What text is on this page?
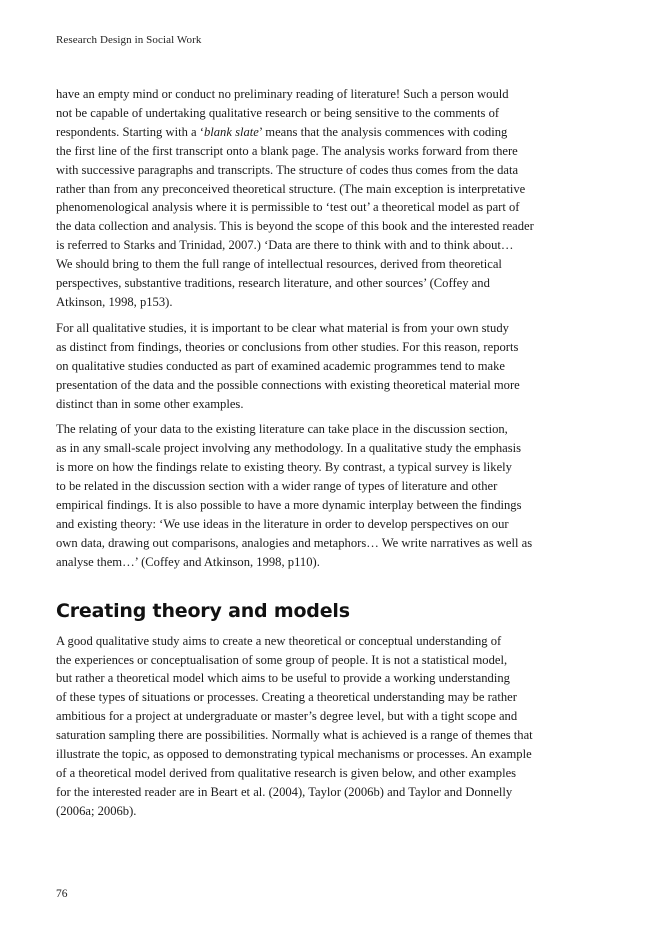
Research Design in Social Work

have an empty mind or conduct no preliminary reading of literature! Such a person would
not be capable of undertaking qualitative research or being sensitive to the comments of
respondents. Starting with a ‘blank slate’ means that the analysis commences with coding
the first line of the first transcript onto a blank page. The analysis works forward from there
with successive paragraphs and transcripts. The structure of codes thus comes from the data
rather than from any preconceived theoretical structure. (The main exception is interpretative
phenomenological analysis where it is permissible to ‘test out’ a theoretical model as part of
the data collection and analysis. This is beyond the scope of this book and the interested reader
is referred to Starks and Trinidad, 2007.) ‘Data are there to think with and to think about…
We should bring to them the full range of intellectual resources, derived from theoretical
perspectives, substantive traditions, research literature, and other sources’ (Coffey and
Atkinson, 1998, p153).

For all qualitative studies, it is important to be clear what material is from your own study
as distinct from findings, theories or conclusions from other studies. For this reason, reports
on qualitative studies conducted as part of examined academic programmes tend to make
presentation of the data and the possible connections with existing theoretical material more
distinct than in some other examples.

The relating of your data to the existing literature can take place in the discussion section,
as in any small-scale project involving any methodology. In a qualitative study the emphasis
is more on how the findings relate to existing theory. By contrast, a typical survey is likely
to be related in the discussion section with a wider range of types of literature and other
empirical findings. It is also possible to have a more dynamic interplay between the findings
and existing theory: ‘We use ideas in the literature in order to develop perspectives on our
own data, drawing out comparisons, analogies and metaphors… We write narratives as well as
analyse them…’ (Coffey and Atkinson, 1998, p110).

Creating theory and models

A good qualitative study aims to create a new theoretical or conceptual understanding of
the experiences or conceptualisation of some group of people. It is not a statistical model,
but rather a theoretical model which aims to be useful to provide a working understanding
of these types of situations or processes. Creating a theoretical understanding may be rather
ambitious for a project at undergraduate or master’s degree level, but with a tight scope and
saturation sampling there are possibilities. Normally what is achieved is a range of themes that
illustrate the topic, as opposed to demonstrating typical mechanisms or processes. An example
of a theoretical model derived from qualitative research is given below, and other examples
for the interested reader are in Beart et al. (2004), Taylor (2006b) and Taylor and Donnelly
(2006a; 2006b).

76
